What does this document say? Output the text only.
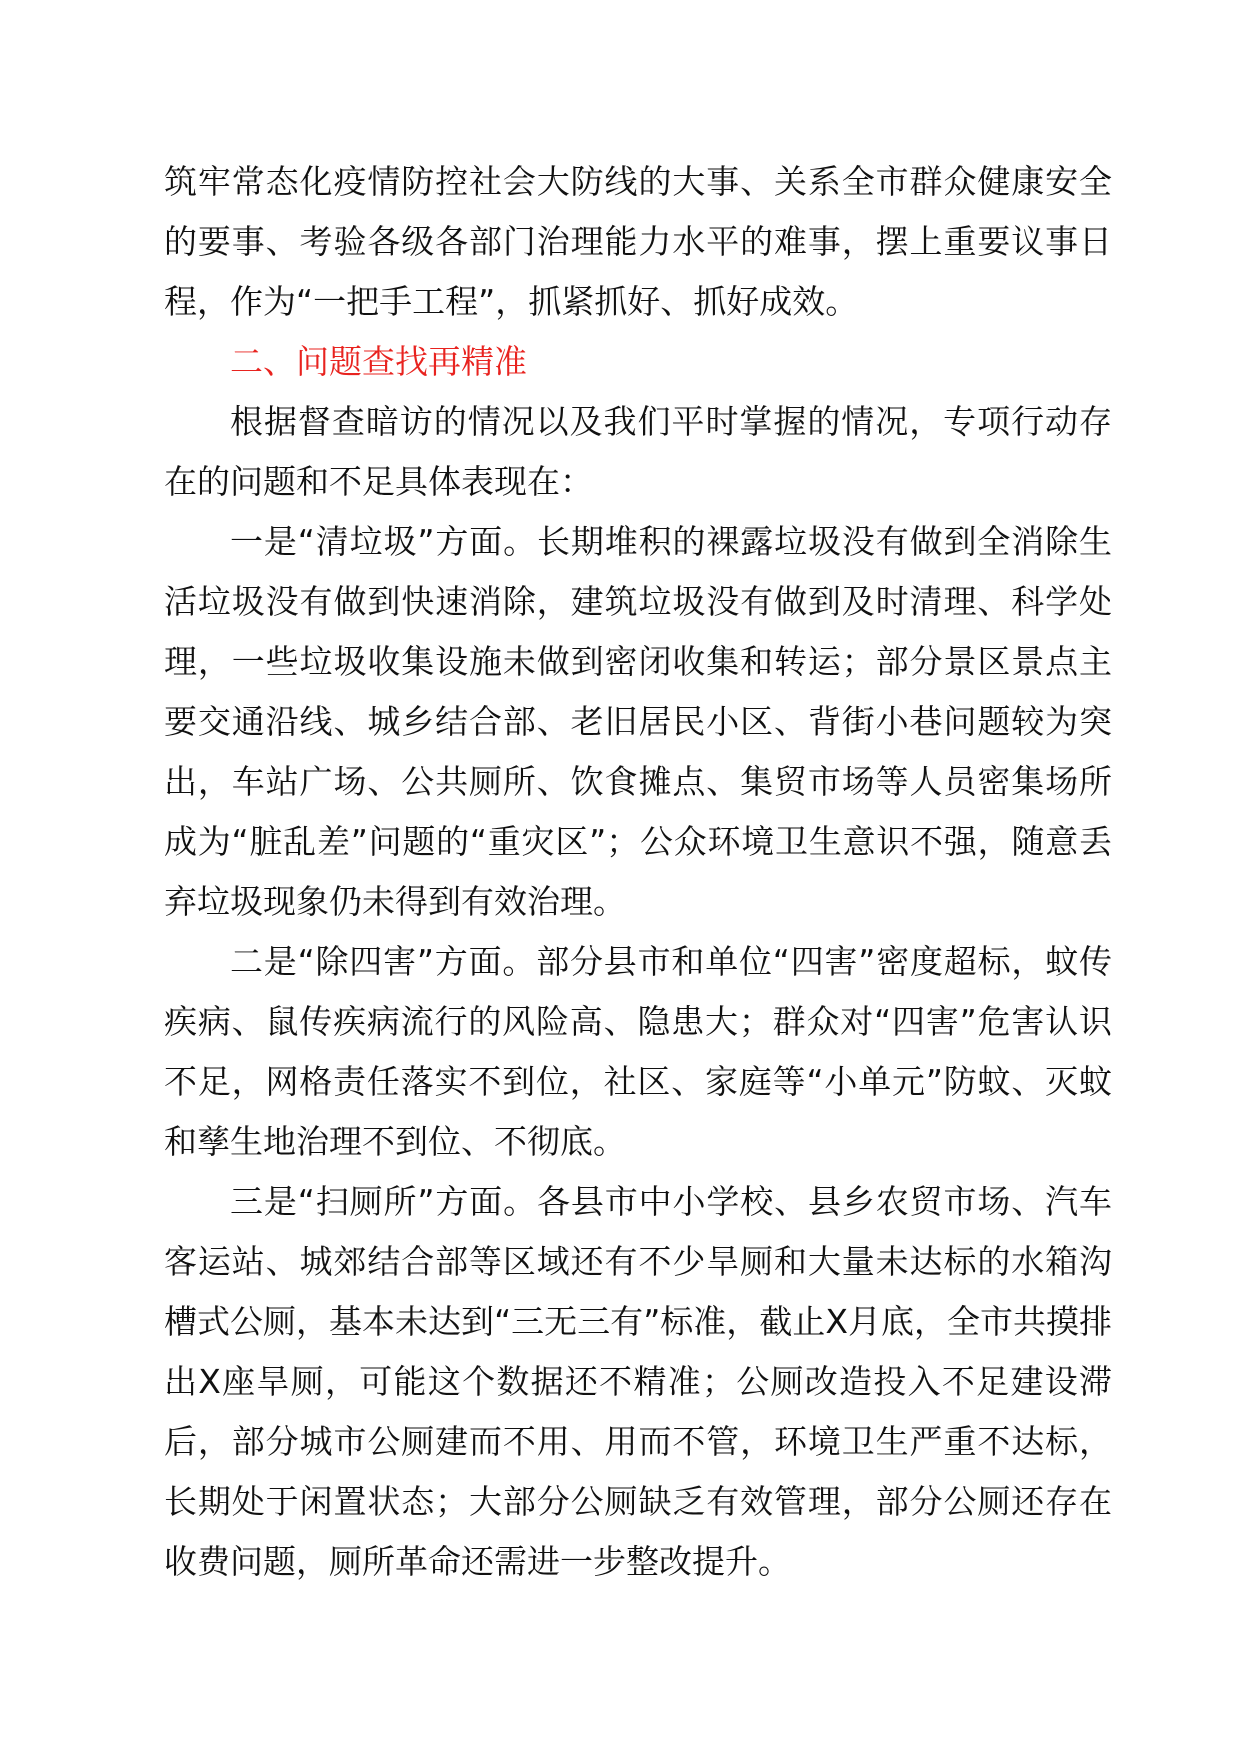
筑牢常态化疫情防控社会大防线的大事、关系全市群众健康安全的要事、考验各级各部门治理能力水平的难事，摆上重要议事日程，作为“一把手工程”，抓紧抓好、抓好成效。

二、问题查找再精准

根据督查暗访的情况以及我们平时掌握的情况，专项行动存在的问题和不足具体表现在：

一是“清垃圾”方面。长期堆积的裸露垃圾没有做到全消除生活垃圾没有做到快速消除，建筑垃圾没有做到及时清理、科学处理，一些垃圾收集设施未做到密闭收集和转运；部分景区景点主要交通沿线、城乡结合部、老旧居民小区、背街小巷问题较为突出，车站广场、公共厕所、饮食摊点、集贸市场等人员密集场所成为“脏乱差”问题的“重灾区”；公众环境卫生意识不强，随意丢弃垃圾现象仍未得到有效治理。

二是“除四害”方面。部分县市和单位“四害”密度超标，蚊传疾病、鼠传疾病流行的风险高、隐患大；群众对“四害”危害认识不足，网格责任落实不到位，社区、家庭等“小单元”防蚊、灭蚊和孳生地治理不到位、不彻底。

三是“扫厕所”方面。各县市中小学校、县乡农贸市场、汽车客运站、城郊结合部等区域还有不少旱厕和大量未达标的水箱沟槽式公厕，基本未达到“三无三有”标准，截止X月底，全市共摸排出X座旱厕，可能这个数据还不精准；公厕改造投入不足建设滞后，部分城市公厕建而不用、用而不管，环境卫生严重不达标，长期处于闲置状态；大部分公厕缺乏有效管理，部分公厕还存在收费问题，厕所革命还需进一步整改提升。
